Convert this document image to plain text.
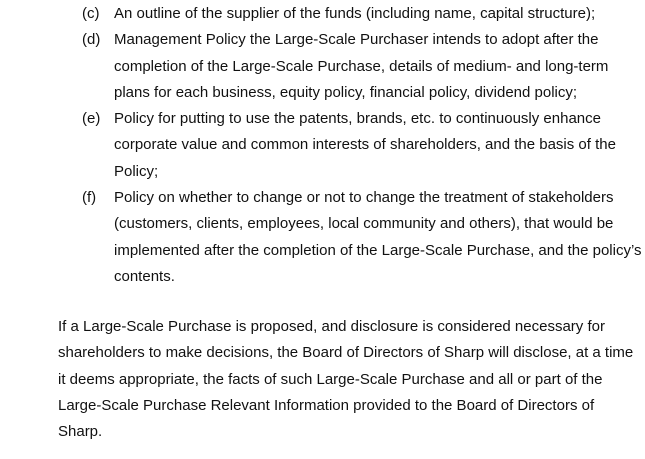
(c) An outline of the supplier of the funds (including name, capital structure);
(d) Management Policy the Large-Scale Purchaser intends to adopt after the completion of the Large-Scale Purchase, details of medium- and long-term plans for each business, equity policy, financial policy, dividend policy;
(e) Policy for putting to use the patents, brands, etc. to continuously enhance corporate value and common interests of shareholders, and the basis of the Policy;
(f) Policy on whether to change or not to change the treatment of stakeholders (customers, clients, employees, local community and others), that would be implemented after the completion of the Large-Scale Purchase, and the policy’s contents.

If a Large-Scale Purchase is proposed, and disclosure is considered necessary for shareholders to make decisions, the Board of Directors of Sharp will disclose, at a time it deems appropriate, the facts of such Large-Scale Purchase and all or part of the Large-Scale Purchase Relevant Information provided to the Board of Directors of Sharp.
